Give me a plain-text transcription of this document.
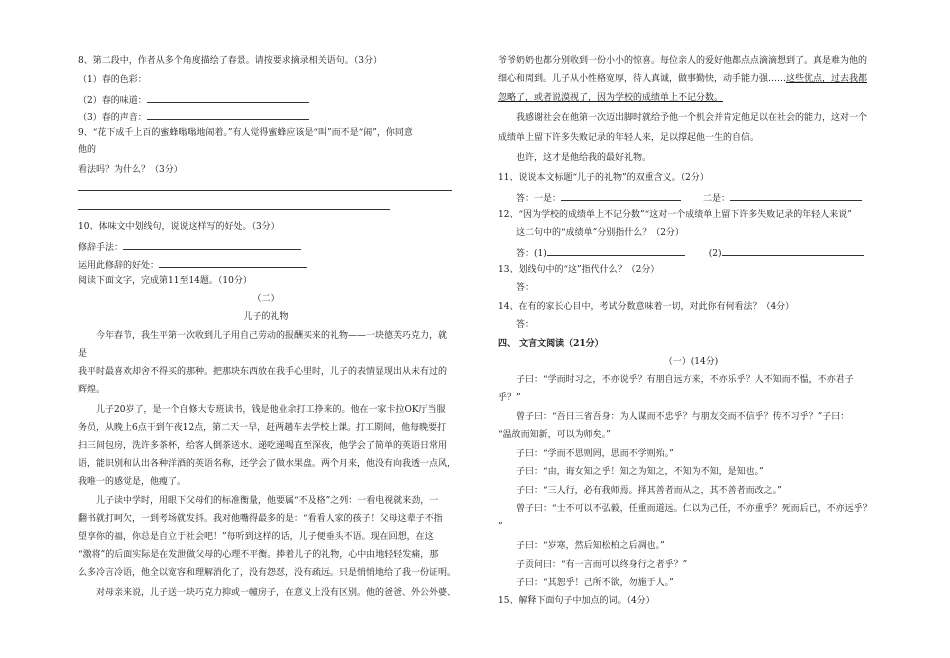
8、第二段中，作者从多个角度描绘了春景。请按要求摘录相关语句。（3分）
（1）春的色彩：
（2）春的味道：
（3）春的声音：
9、“花下成千上百的蜜蜂嗡嗡地闹着。”有人觉得蜜蜂应该是“叫”而不是“闹”，你同意
他的
看法吗？为什么？（3分）
10、体味文中划线句，说说这样写的好处。（3分）
修辞手法：
运用此修辞的好处：
阅读下面文字，完成第11至14题。（10分）
（二）
儿子的礼物
今年春节，我生平第一次收到儿子用自己劳动的报酬买来的礼物——一块德芙巧克力，就
是
我平时最喜欢却舍不得买的那种。把那块东西放在我手心里时，儿子的表情显现出从未有过的
辉煌。
儿子20岁了，是一个自修大专班读书，钱是他业余打工挣来的。他在一家卡拉OK厅当服
务员，从晚上6点干到午夜12点，第二天一早，赶两趟车去学校上课。打工期间，他每晚要打
扫三间包房，洗许多茶杯，给客人倒茶送水、递吃递喝直至深夜，他学会了简单的英语日常用
语，能识别和认出各种洋酒的英语名称，还学会了做水果盘。两个月来，他没有向我透一点风，
我唯一的感觉是，他瘦了。
儿子读中学时，用眼下父母们的标准衡量，他要属“不及格”之列：一看电视就来劲，一
翻书就打呵欠，一到考场就发抖。我对他嘴得最多的是：“看看人家的孩子！父母这辈子不指
望享你的福，你总是自立于社会吧！”每听到这样的话，儿子便垂头不语。现在回想，在这
“激将”的后面实际是在发泄做父母的心理不平衡。捧着儿子的礼物，心中由地轻轻发痛，那
么多冷言冷语，他全以宽容和理解消化了，没有怨怼，没有疏远。只是悄悄地给了我一份证明。
对母亲来说，儿子送一块巧克力抑或一幢房子，在意义上没有区别。他的爸爸、外公外婆、
爷爷奶奶也都分别收到一份小小的惊喜。每位亲人的爱好他都点点滴滴想到了。真是难为他的
细心和周到。儿子从小性格宽厚，待人真诚，做事勤快，动手能力强……这些优点，过去我都
忽略了，或者说漠视了，因为学校的成绩单上不记分数。
我感谢社会在他第一次迈出脚时就给予他一个机会并肯定他足以在社会的能力，这对一个
成绩单上留下许多失败记录的年轻人来，足以撑起他一生的自信。
也许，这才是他给我的最好礼物。
11、说说本文标题“儿子的礼物”的双重含义。（2分）
答：一是：	二是：
12、“因为学校的成绩单上不记分数”“这对一个成绩单上留下许多失败记录的年轻人来说”
这二句中的“成绩单”分别指什么？（2分）
答：(1)	(2)
13、划线句中的“这”指代什么？（2分）
答：
14、在有的家长心目中，考试分数意味着一切，对此你有何看法？（4分）
答：
四、 文言文阅读（21分）
（一）(14分)
子曰：“学而时习之，不亦说乎？有朋自远方来，不亦乐乎？人不知而不愠，不亦君子
乎？”
曾子曰：“吾日三省吾身：为人谋而不忠乎？与朋友交而不信乎？传不习乎？”子曰：
“温故而知新，可以为师矣。”
子曰：“学而不思则罔，思而不学则殆。”
子曰：“由，诲女知之乎！知之为知之，不知为不知，是知也。”
子曰：“三人行，必有我师焉。择其善者而从之，其不善者而改之。”
曾子曰：“士不可以不弘毅，任重而道远。仁以为己任，不亦重乎？死而后已，不亦远乎？
”
子曰：“岁寒，然后知松柏之后凋也。”
子贡问曰：“有一言而可以终身行之者乎？”
子曰：“其恕乎！己所不欲，勿施于人。”
15、解释下面句子中加点的词。（4分）
